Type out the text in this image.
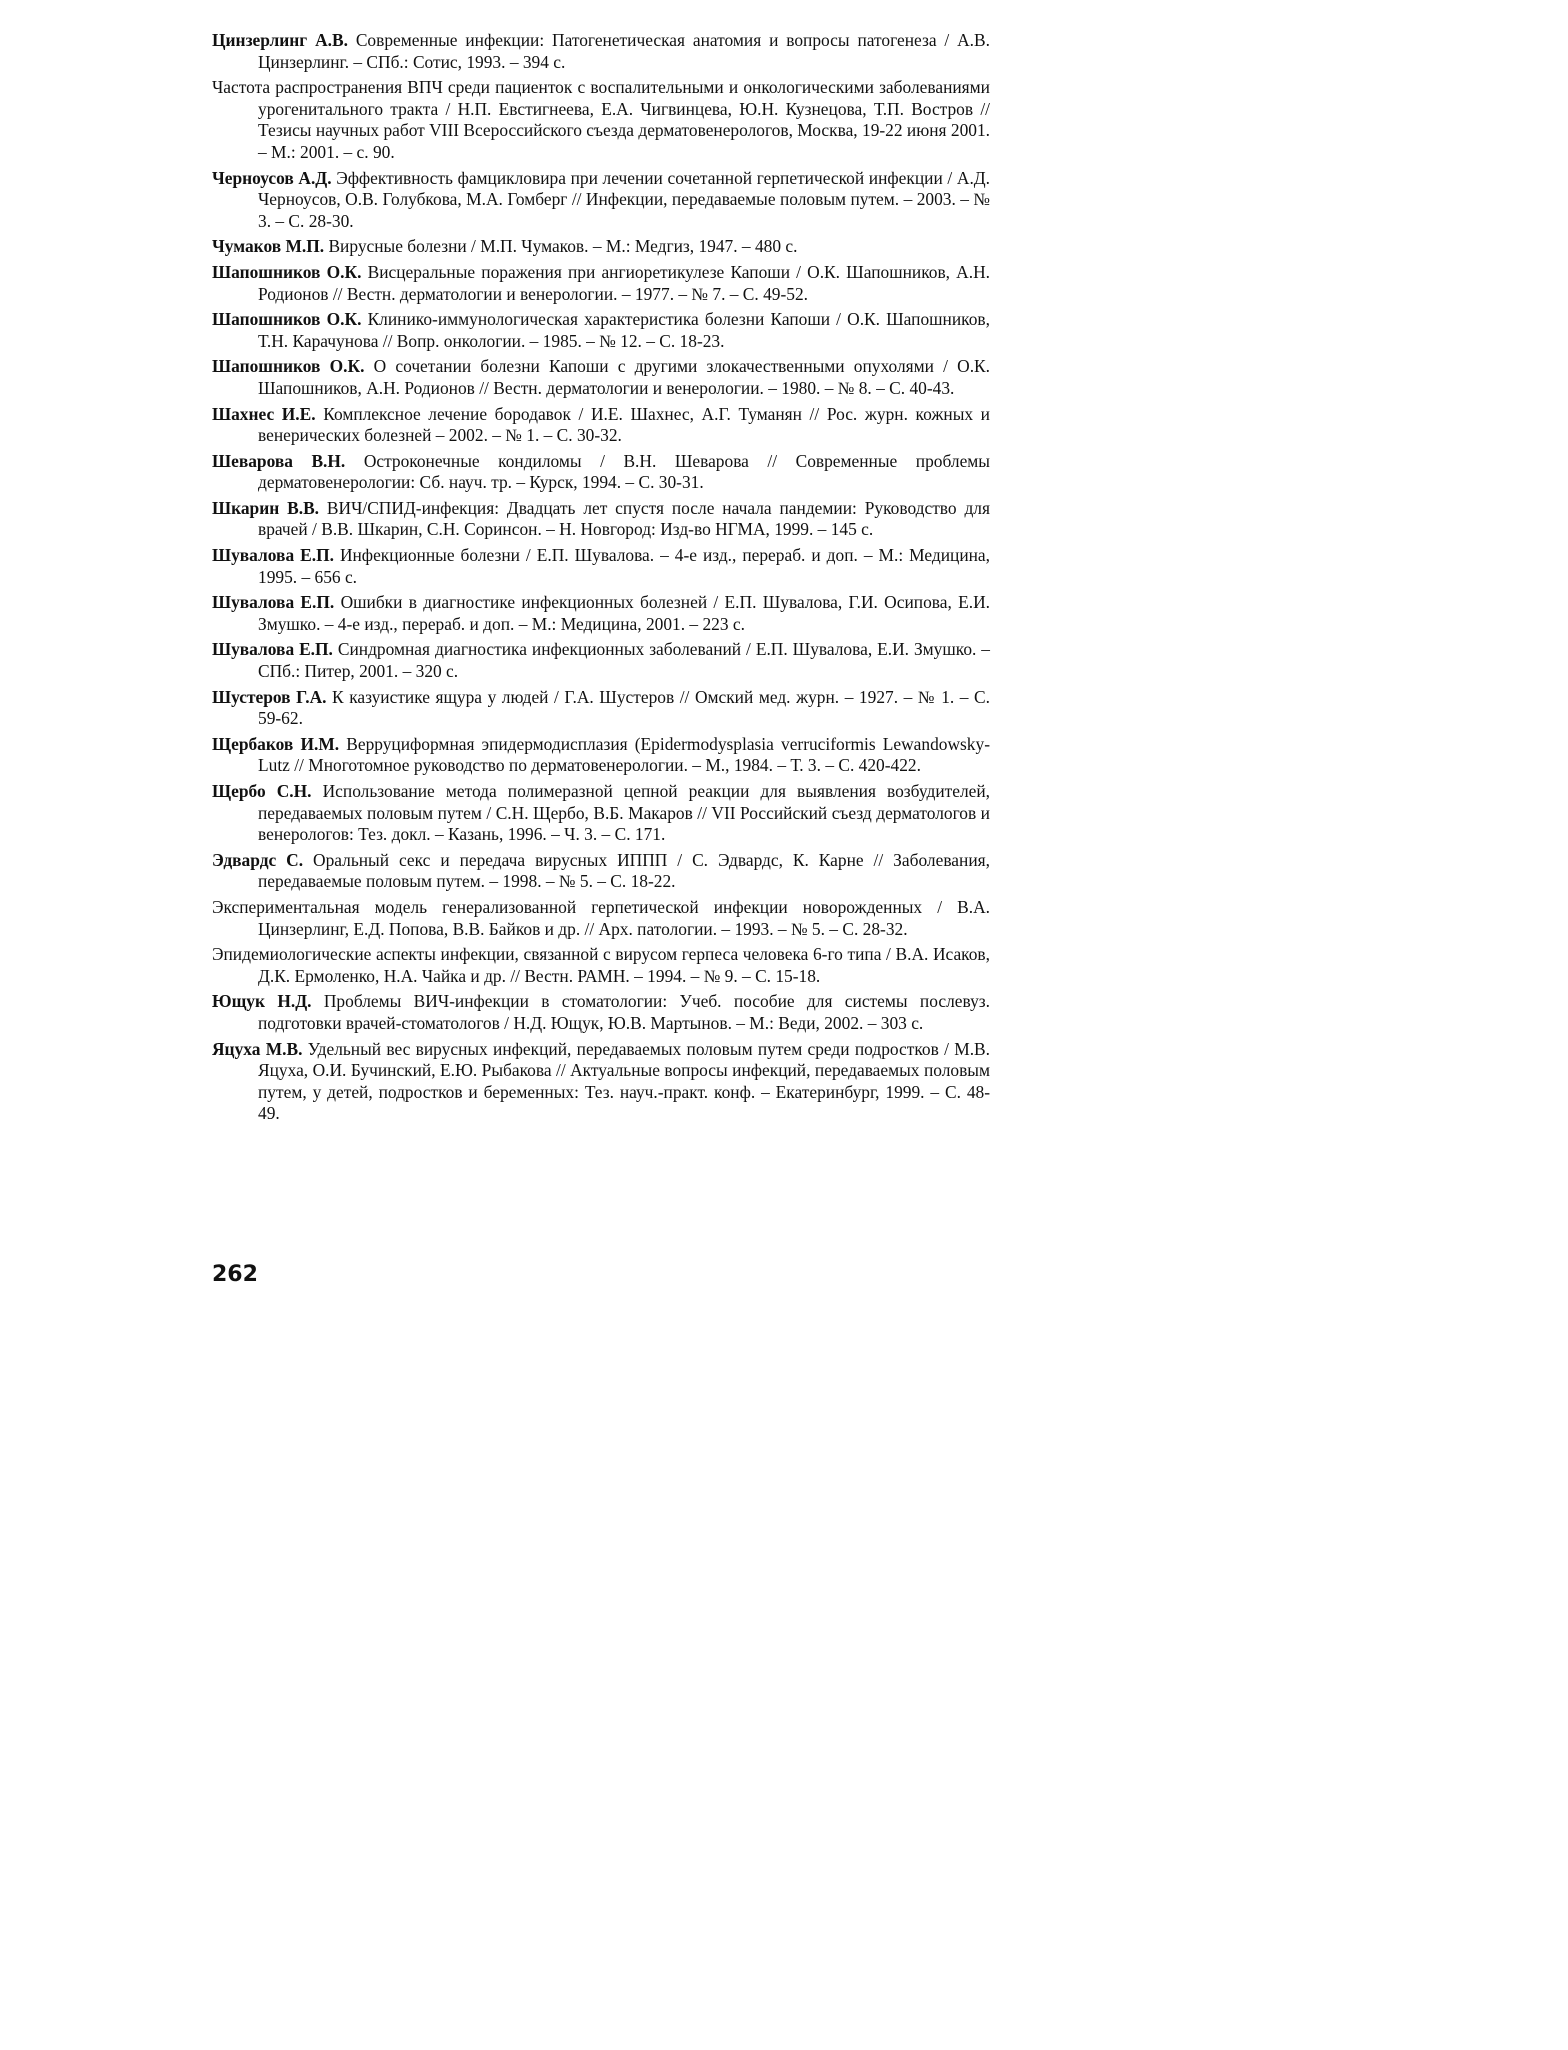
Цинзерлинг А.В. Современные инфекции: Патогенетическая анатомия и вопросы патогенеза / А.В. Цинзерлинг. – СПб.: Сотис, 1993. – 394 с.

Частота распространения ВПЧ среди пациенток с воспалительными и онкологическими заболеваниями урогенитального тракта / Н.П. Евстигнеева, Е.А. Чигвинцева, Ю.Н. Кузнецова, Т.П. Востров // Тезисы научных работ VIII Всероссийского съезда дерматовенерологов, Москва, 19-22 июня 2001. – М.: 2001. – с. 90.

Черноусов А.Д. Эффективность фамцикловира при лечении сочетанной герпетической инфекции / А.Д. Черноусов, О.В. Голубкова, М.А. Гомберг // Инфекции, передаваемые половым путем. – 2003. – № 3. – С. 28-30.

Чумаков М.П. Вирусные болезни / М.П. Чумаков. – М.: Медгиз, 1947. – 480 с.

Шапошников О.К. Висцеральные поражения при ангиоретикулезе Капоши / О.К. Шапошников, А.Н. Родионов // Вестн. дерматологии и венерологии. – 1977. – № 7. – С. 49-52.

Шапошников О.К. Клинико-иммунологическая характеристика болезни Капоши / О.К. Шапошников, Т.Н. Карачунова // Вопр. онкологии. – 1985. – № 12. – С. 18-23.

Шапошников О.К. О сочетании болезни Капоши с другими злокачественными опухолями / О.К. Шапошников, А.Н. Родионов // Вестн. дерматологии и венерологии. – 1980. – № 8. – С. 40-43.

Шахнес И.Е. Комплексное лечение бородавок / И.Е. Шахнес, А.Г. Туманян // Рос. журн. кожных и венерических болезней – 2002. – № 1. – С. 30-32.

Шеварова В.Н. Остроконечные кондиломы / В.Н. Шеварова // Современные проблемы дерматовенерологии: Сб. науч. тр. – Курск, 1994. – С. 30-31.

Шкарин В.В. ВИЧ/СПИД-инфекция: Двадцать лет спустя после начала пандемии: Руководство для врачей / В.В. Шкарин, С.Н. Соринсон. – Н. Новгород: Изд-во НГМА, 1999. – 145 с.

Шувалова Е.П. Инфекционные болезни / Е.П. Шувалова. – 4-е изд., перераб. и доп. – М.: Медицина, 1995. – 656 с.

Шувалова Е.П. Ошибки в диагностике инфекционных болезней / Е.П. Шувалова, Г.И. Осипова, Е.И. Змушко. – 4-е изд., перераб. и доп. – М.: Медицина, 2001. – 223 с.

Шувалова Е.П. Синдромная диагностика инфекционных заболеваний / Е.П. Шувалова, Е.И. Змушко. – СПб.: Питер, 2001. – 320 с.

Шустеров Г.А. К казуистике ящура у людей / Г.А. Шустеров // Омский мед. журн. – 1927. – № 1. – С. 59-62.

Щербаков И.М. Верруциформная эпидермодисплазия (Epidermodysplasia verruciformis Lewandowsky-Lutz // Многотомное руководство по дерматовенерологии. – М., 1984. – Т. 3. – С. 420-422.

Щербо С.Н. Использование метода полимеразной цепной реакции для выявления возбудителей, передаваемых половым путем / С.Н. Щербо, В.Б. Макаров // VII Российский съезд дерматологов и венерологов: Тез. докл. – Казань, 1996. – Ч. 3. – С. 171.

Эдвардс С. Оральный секс и передача вирусных ИППП / С. Эдвардс, К. Карне // Заболевания, передаваемые половым путем. – 1998. – № 5. – С. 18-22.

Экспериментальная модель генерализованной герпетической инфекции новорожденных / В.А. Цинзерлинг, Е.Д. Попова, В.В. Байков и др. // Арх. патологии. – 1993. – № 5. – С. 28-32.

Эпидемиологические аспекты инфекции, связанной с вирусом герпеса человека 6-го типа / В.А. Исаков, Д.К. Ермоленко, Н.А. Чайка и др. // Вестн. РАМН. – 1994. – № 9. – С. 15-18.

Ющук Н.Д. Проблемы ВИЧ-инфекции в стоматологии: Учеб. пособие для системы послевуз. подготовки врачей-стоматологов / Н.Д. Ющук, Ю.В. Мартынов. – М.: Веди, 2002. – 303 с.

Яцуха М.В. Удельный вес вирусных инфекций, передаваемых половым путем среди подростков / М.В. Яцуха, О.И. Бучинский, Е.Ю. Рыбакова // Актуальные вопросы инфекций, передаваемых половым путем, у детей, подростков и беременных: Тез. науч.-практ. конф. – Екатеринбург, 1999. – С. 48-49.

262
